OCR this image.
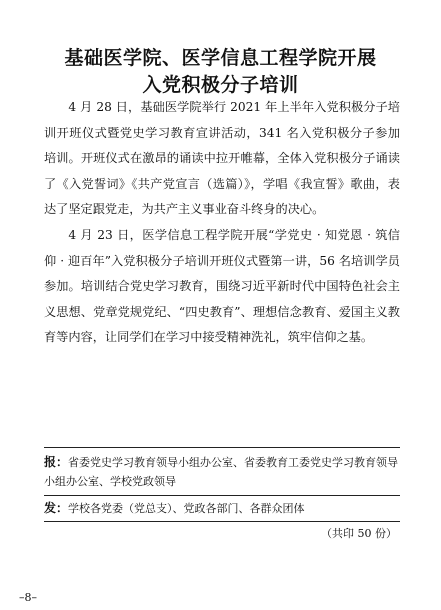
基础医学院、医学信息工程学院开展
入党积极分子培训

4 月 28 日，基础医学院举行 2021 年上半年入党积极分子培训开班仪式暨党史学习教育宣讲活动，341 名入党积极分子参加培训。开班仪式在激昂的诵读中拉开帷幕，全体入党积极分子诵读了《入党誓词》《共产党宣言（选篇）》，学唱《我宣誓》歌曲，表达了坚定跟党走，为共产主义事业奋斗终身的决心。

4 月 23 日，医学信息工程学院开展“学党史 · 知党恩 · 筑信仰 · 迎百年”入党积极分子培训开班仪式暨第一讲，56 名培训学员参加。培训结合党史学习教育，围绕习近平新时代中国特色社会主义思想、党章党规党纪、“四史教育”、理想信念教育、爱国主义教育等内容，让同学们在学习中接受精神洗礼，筑牢信仰之基。

报：省委党史学习教育领导小组办公室、省委教育工委党史学习教育领导小组办公室、学校党政领导
发：学校各党委（党总支）、党政各部门、各群众团体
（共印 50 份）
–8–
